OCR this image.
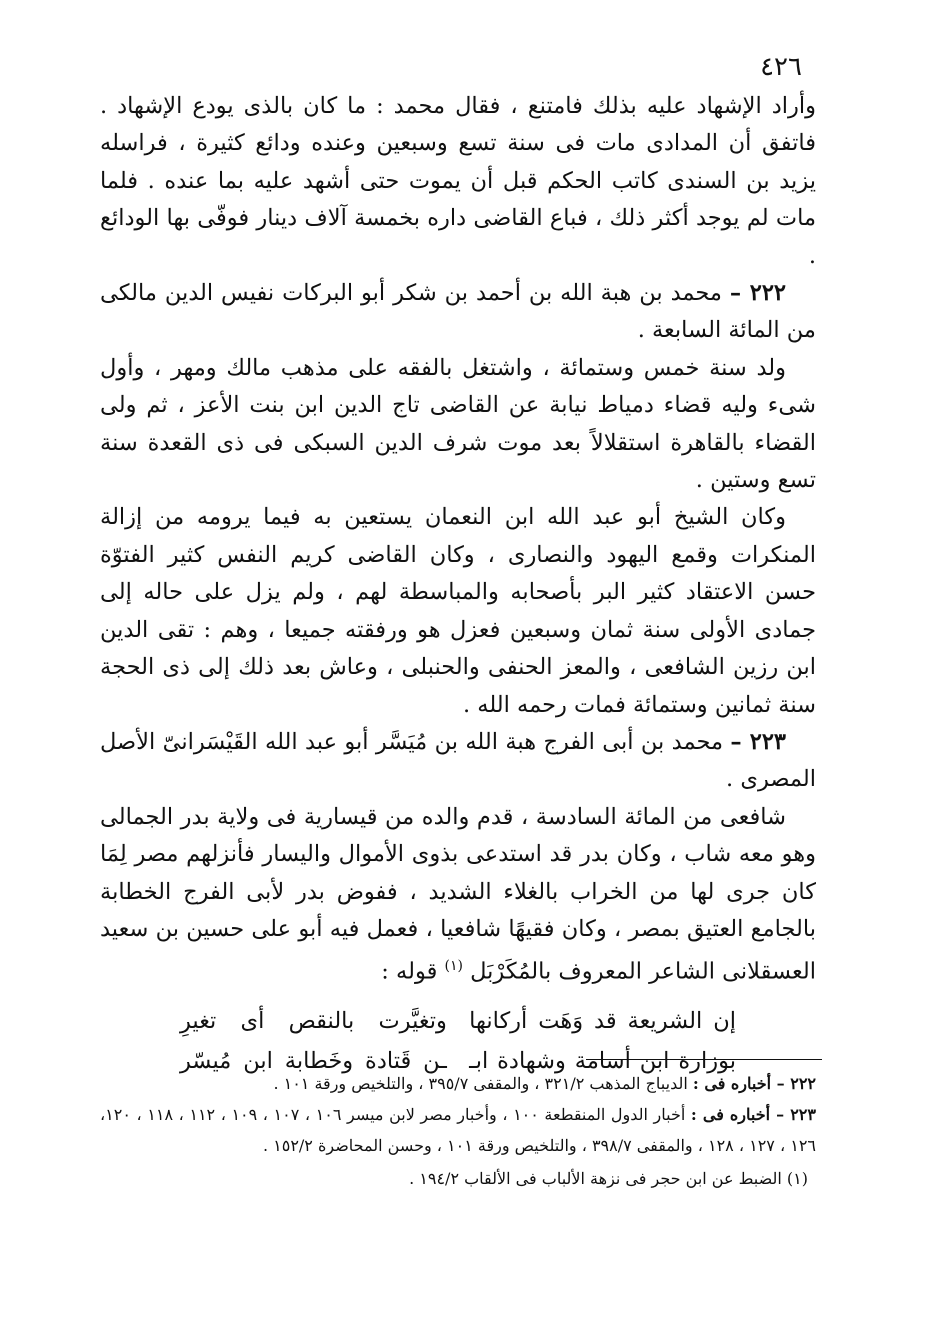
٤٢٦

وأراد الإشهاد عليه بذلك فامتنع ، فقال محمد : ما كان بالذى يودع الإشهاد . فاتفق أن المدادى مات فى سنة تسع وسبعين وعنده ودائع كثيرة ، فراسله يزيد بن السندى كاتب الحكم قبل أن يموت حتى أشهد عليه بما عنده . فلما مات لم يوجد أكثر ذلك ، فباع القاضى داره بخمسة آلاف دينار فوفّى بها الودائع .

٢٢٢ – محمد بن هبة الله بن أحمد بن شكر أبو البركات نفيس الدين مالكى من المائة السابعة .

ولد سنة خمس وستمائة ، واشتغل بالفقه على مذهب مالك ومهر ، وأول شىء وليه قضاء دمياط نيابة عن القاضى تاج الدين ابن بنت الأعز ، ثم ولى القضاء بالقاهرة استقلالاً بعد موت شرف الدين السبكى فى ذى القعدة سنة تسع وستين .

وكان الشيخ أبو عبد الله ابن النعمان يستعين به فيما يرومه من إزالة المنكرات وقمع اليهود والنصارى ، وكان القاضى كريم النفس كثير الفتوّة حسن الاعتقاد كثير البر بأصحابه والمباسطة لهم ، ولم يزل على حاله إلى جمادى الأولى سنة ثمان وسبعين فعزل هو ورفقته جميعا ، وهم : تقى الدين ابن رزين الشافعى ، والمعز الحنفى والحنبلى ، وعاش بعد ذلك إلى ذى الحجة سنة ثمانين وستمائة فمات رحمه الله .

٢٢٣ – محمد بن أبى الفرج هبة الله بن مُيَسَّر أبو عبد الله القَيْسَرانىّ الأصل المصرى .

شافعى من المائة السادسة ، قدم والده من قيسارية فى ولاية بدر الجمالى وهو معه شاب ، وكان بدر قد استدعى بذوى الأموال واليسار فأنزلهم مصر لِمَا كان جرى لها من الخراب بالغلاء الشديد ، ففوض بدر لأبى الفرج الخطابة بالجامع العتيق بمصر ، وكان فقيهًا شافعيا ، فعمل فيه أبو على حسين بن سعيد العسقلانى الشاعر المعروف بالمُكَرْبَل $^{(١)}$ قوله :

إن الشريعة قد وَهَت أركانها
وتغيَّرت بالنقص أى تغيرِ
بوزارة ابن أسامة وشهادة ابـ
ـن قَتادة وخَطابة ابن مُيسّر

٢٢٢ – أخباره فى : الديباج المذهب ٣٢١/٢ ، والمقفى ٣٩٥/٧ ، والتلخيص ورقة ١٠١ .

٢٢٣ – أخباره فى : أخبار الدول المنقطعة ١٠٠ ، وأخبار مصر لابن ميسر ١٠٦ ، ١٠٧ ، ١٠٩ ، ١١٢ ، ١١٨ ، ١٢٠، ١٢٦ ، ١٢٧ ، ١٢٨ ، والمقفى ٣٩٨/٧ ، والتلخيص ورقة ١٠١ ، وحسن المحاضرة ١٥٢/٢ .

(١) الضبط عن ابن حجر فى نزهة الألباب فى الألقاب ١٩٤/٢ .
